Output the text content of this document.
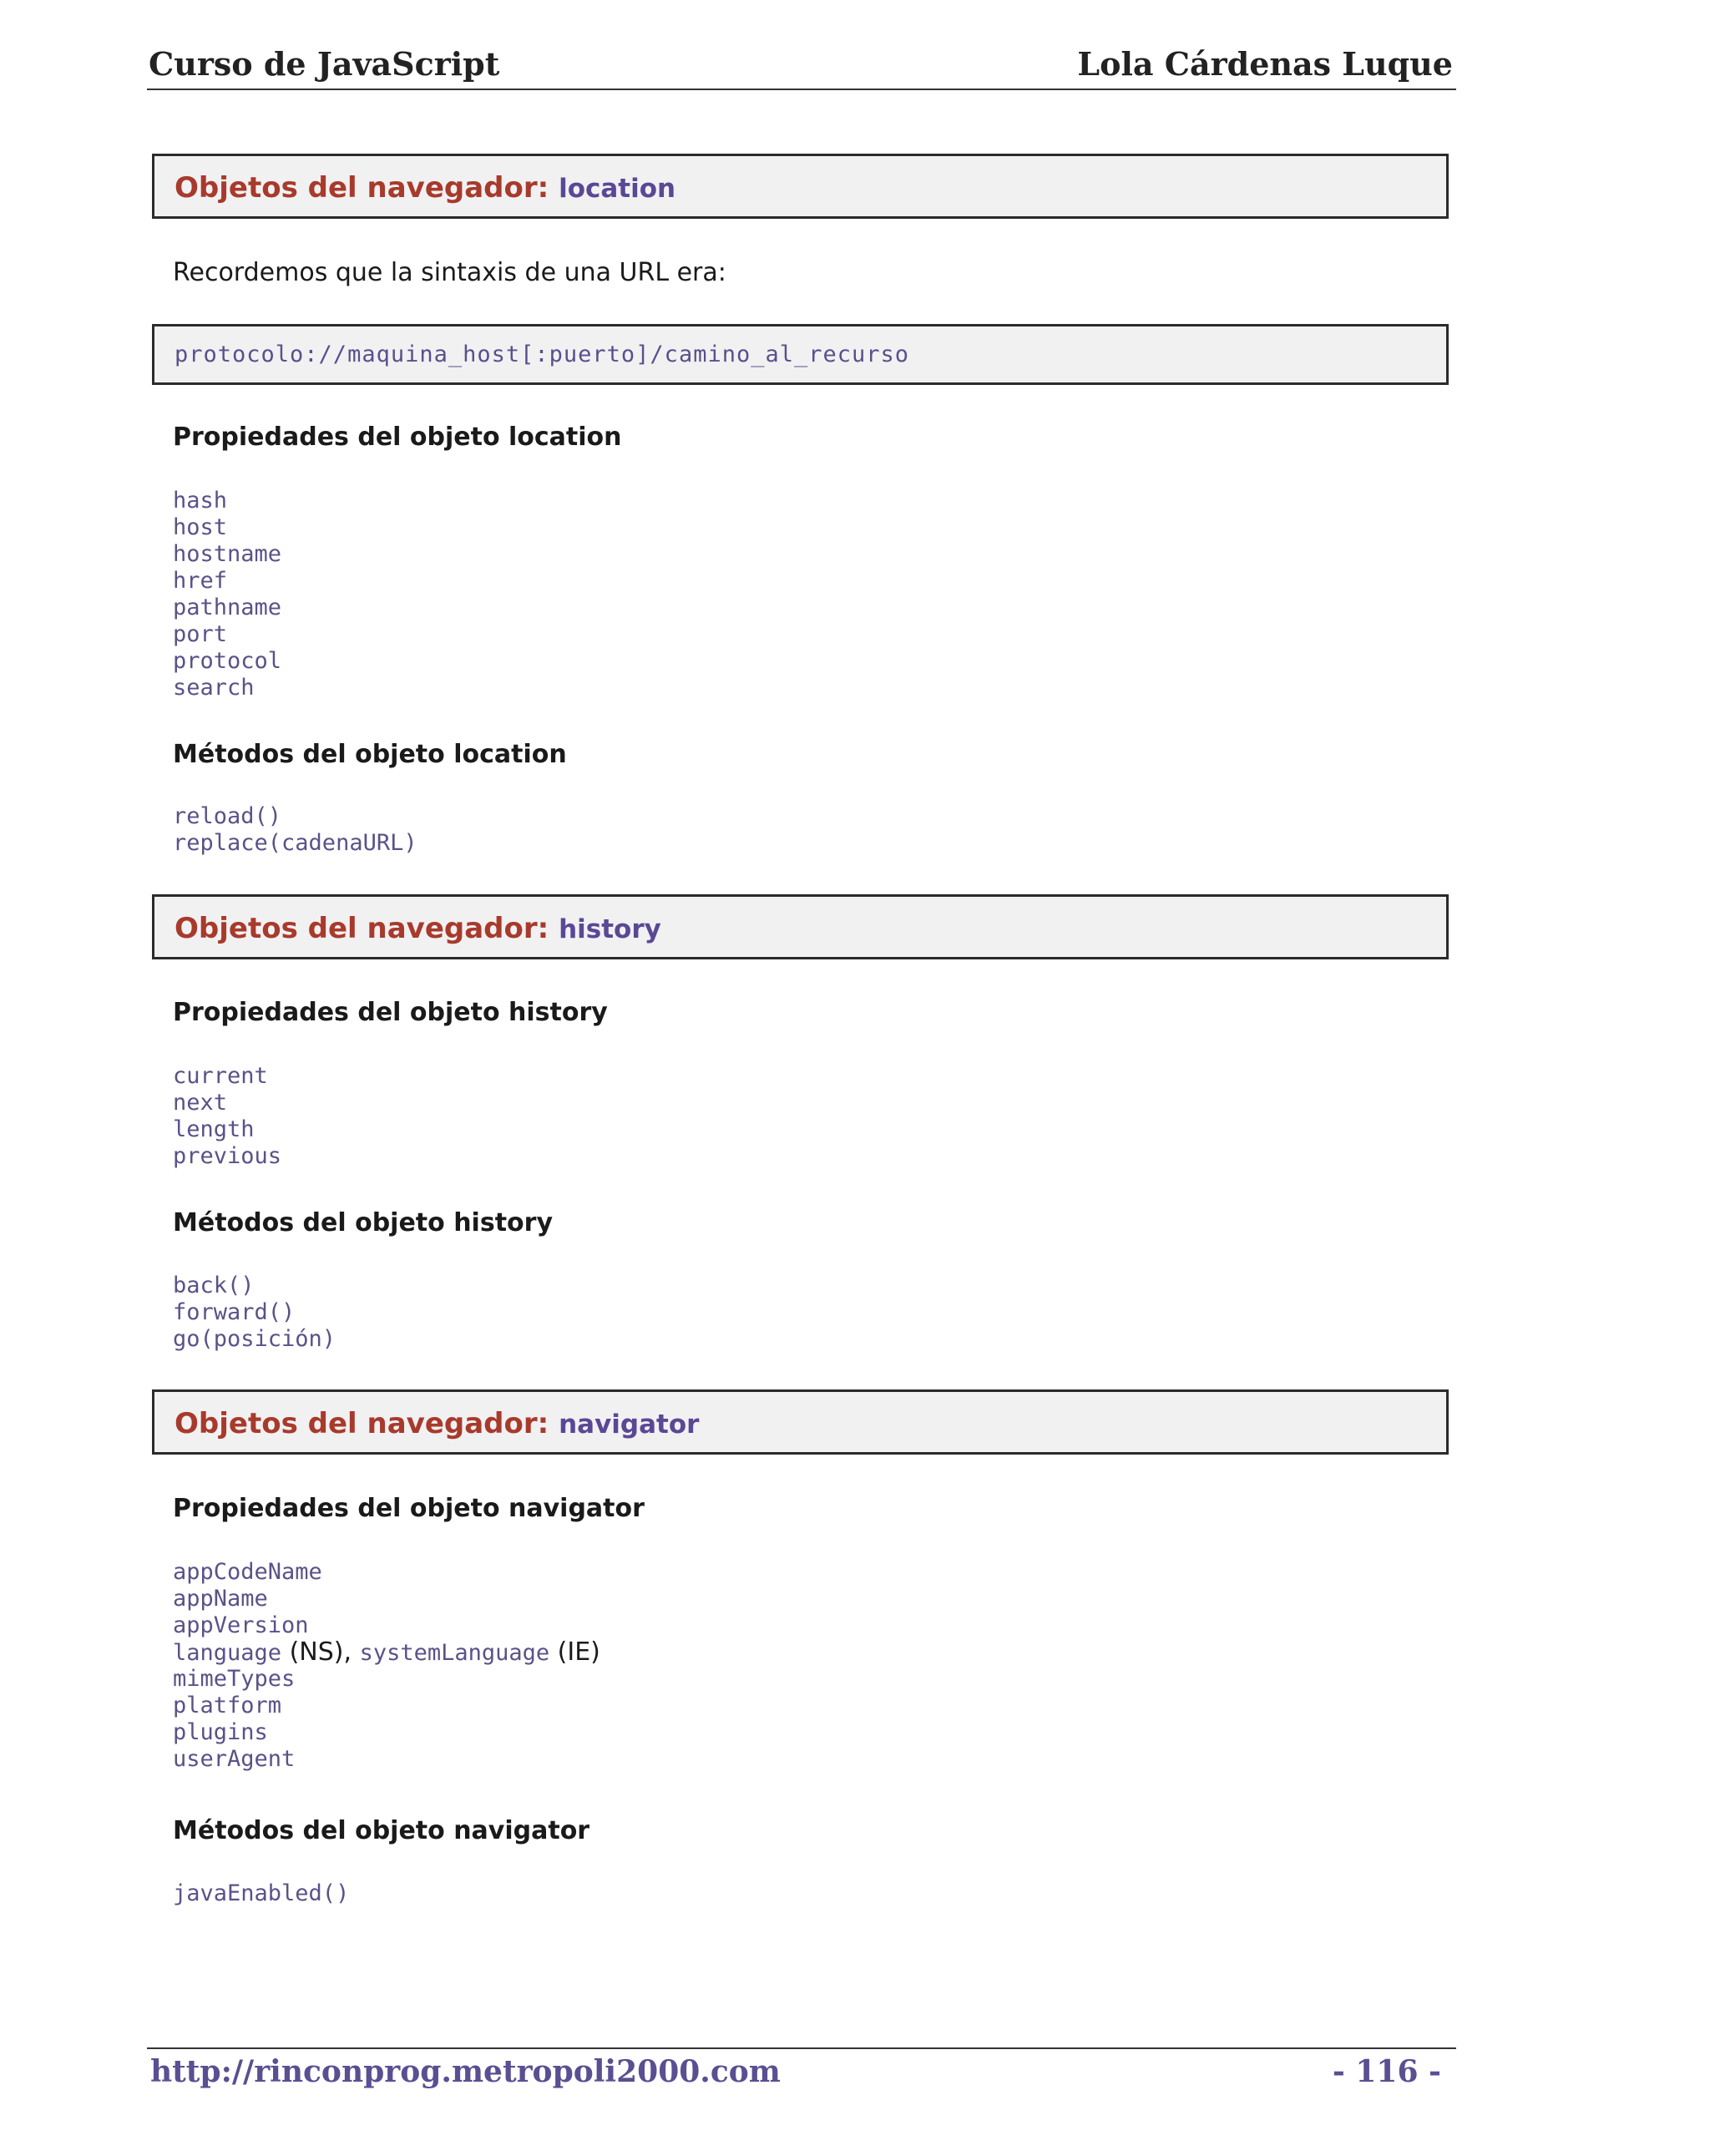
Curso de JavaScript	Lola Cárdenas Luque
Objetos del navegador: location
Recordemos que la sintaxis de una URL era:
protocolo://maquina_host[:puerto]/camino_al_recurso
Propiedades del objeto location
hash
host
hostname
href
pathname
port
protocol
search
Métodos del objeto location
reload()
replace(cadenaURL)
Objetos del navegador: history
Propiedades del objeto history
current
next
length
previous
Métodos del objeto history
back()
forward()
go(posición)
Objetos del navegador: navigator
Propiedades del objeto navigator
appCodeName
appName
appVersion
language (NS), systemLanguage (IE)
mimeTypes
platform
plugins
userAgent
Métodos del objeto navigator
javaEnabled()
http://rinconprog.metropoli2000.com	- 116 -
